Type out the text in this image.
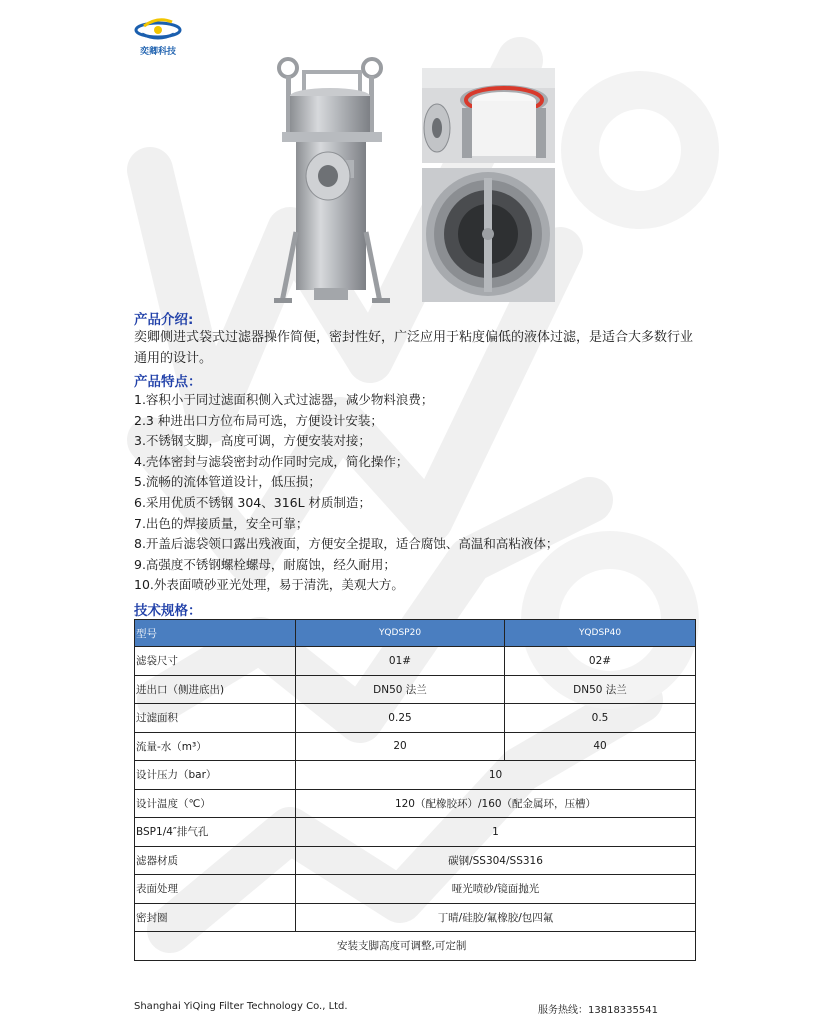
奕卿科技
产品介绍:
奕卿侧进式袋式过滤器操作简便，密封性好，广泛应用于粘度偏低的液体过滤，是适合大多数行业通用的设计。
产品特点：
1.容积小于同过滤面积侧入式过滤器，减少物料浪费；
2.3 种进出口方位布局可选，方便设计安装；
3.不锈钢支脚，高度可调，方便安装对接；
4.壳体密封与滤袋密封动作同时完成，简化操作；
5.流畅的流体管道设计，低压损；
6.采用优质不锈钢 304、316L 材质制造；
7.出色的焊接质量，安全可靠；
8.开盖后滤袋领口露出残液面，方便安全提取，适合腐蚀、高温和高粘液体；
9.高强度不锈钢螺栓螺母，耐腐蚀，经久耐用；
10.外表面喷砂亚光处理，易于清洗，美观大方。
技术规格：
型号	YQDSP20	YQDSP40
滤袋尺寸	01#	02#
进出口（侧进底出)	DN50 法兰	DN50 法兰
过滤面积	0.25	0.5
流量-水（m³）	20	40
设计压力（bar）	10	
设计温度（℃）	120（配橡胶环）/160（配金属环，压槽）	
BSP1/4″排气孔	1	
滤器材质	碳钢/SS304/SS316	
表面处理	哑光喷砂/镜面抛光	
密封圈	丁晴/硅胶/氟橡胶/包四氟	
安装支脚高度可调整,可定制		
Shanghai YiQing Filter Technology Co., Ltd.	服务热线：13818335541
